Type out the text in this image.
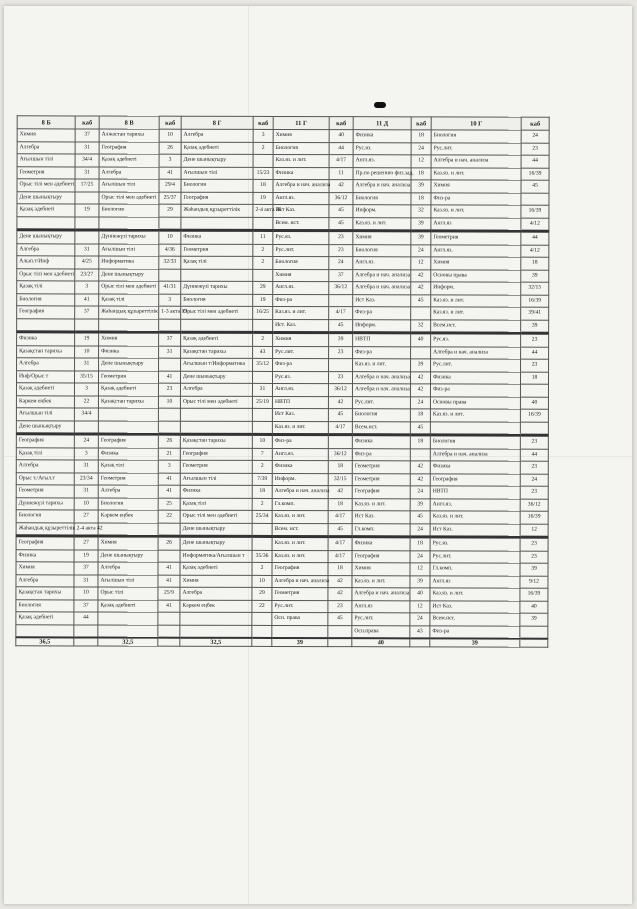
8 Б	каб	8 В	каб	8 Г	каб	11 Г	каб	11 Д	каб	10 Г	каб
Химия	37	Алжастан тарихы	10	Алгебра	3	Химия	40	Физика	18	Биология	24
Алгебра	31	География	26	Қазақ әдебиеті	2	Биология	44	Рус.яз.	24	Рус.лит.	23
Ағылшын тілі	34/4	Қазақ әдебиеті	3	Дене шынықтыру		Каз.яз. и лит.	4/17	Англ.яз.	12	Алгебра и нач. анализа	44
Геометрия	31	Алгебра	41	Ағылшын тілі	15/23	Физика	11	Пр.по решению физ.зад.	18	Каз.яз. и лит.	16/39
Орыс тілі мен әдебиеті	17/25	Ағылшын тілі	29/4	Биология	18	Алгебра и нач. анализа	42	Алгебра и нач. анализа	39	Химия	45
Дене шынықтыру		Орыс тілі мен әдебиеті	25/37	География	19	Англ.яз.	36/12	Биология	18	Физ-ра	
Қазақ әдебиеті	19	Биология	29	Жаһандық құзыреттілік	2-4 акта 36	Ист Каз.	45	Информ.	32	Каз.яз. и лит.	16/39
						Всем. ист.	45	Каз.яз. и лит.	39	Англ.яз	4/12
Дене шынықтыру		Дүниежүзі тарихы	10	Физика	11	Рус.яз.	23	Химия	39	Геометрия	44
Алгебра	31	Ағылшын тілі	4/36	Геометрия	2	Рус.лит.	23	Биология	24	Англ.яз.	4/12
Алып.т/Инф	4/25	Информатика	32/33	Қазақ тілі	2	Биология	24	Англ.яз.	12	Химия	18
Орыс тілі мен әдебиеті	23/27	Дене шынықтыру				Химия	37	Алгебра и нач. анализа	42	Основы права	39
Қазақ тілі	3	Орыс тілі мен әдебиеті	41/31	Дүниежүзі тарихы	29	Англ.яз.	36/12	Алгебра и нач. анализа	42	Информ.	32/15
Биология	41	Қазақ тілі	3	Биология	19	Физ-ра		Ист Каз.	45	Каз.яз. и лит.	16/39
География	37	Жаһандық құзыреттілік	1-3 акта 19	Орыс тілі мен әдебиеті	16/25	Каз.яз. и лит.	4/17	Физ-ра		Каз.яз. и лит.	39/41
						Ист. Каз.	45	Информ.	32	Всем.ист.	39
Физика	19	Химия	37	Қазақ әдебиеті	2	Химия	39	НВТП	40	Рус.яз.	23
Қазақстан тарихы	10	Физика	31	Қазақстан тарихы	43	Рус.лит.	23	Физ-ра		Алгебра и нач. анализа	44
Алгебра	31	Дене шынықтыру		Ағылшын т/Информатика	35/12	Физ-ра		Каз.яз. и лит.	39	Рус.лит.	23
Инф/Орыс т	35/15	Геометрия	41	Дене шынықтыру		Рус.яз.	23	Алгебра и нач. анализа	42	Физика	18
Қазақ әдебиеті	3	Қазақ әдебиеті	23	Алгебра	31	Англ.яз.	36/12	Алгебра и нач. анализа	42	Физ-ра	
Кәркем еңбек	22	Қазақстан тарихы	10	Орыс тілі мен әдебиеті	25/19	НВТП	42	Рус.лит.	24	Основы права	40
Ағылшын тілі	34/4					Ист Каз.	45	Биология	18	Каз.яз. и лит.	16/39
Дене шынықтыру						Каз.яз. и лит.	4/17	Всем.ист.	45		
География	24	География	26	Қазақстан тарихы	10	Физ-ра		Физика	18	Биология	23
Қазақ тілі	3	Физика	21	География	7	Англ.яз.	36/12	Физ-ра		Алгебра и нач. анализа	44
Алгебра	31	Қазақ тілі	3	Геометрия	2	Физика	18	Геометрия	42	Физика	23
Орыс т./Ағыл.т	23/34	Геометрия	41	Ағылшын тілі	7/39	Информ.	32/15	Геометрия	42	География	24
Геометрия	31	Алгебра	41	Физика	18	Алгебра и нач. анализа	42	География	24	НВТП	23
Дүниежүзі тарихы	10	Биология	25	Қазақ тілі	2	Гл.комп.	18	Каз.яз. и лит.	39	Англ.яз.	36/12
Биология	27	Кәркем еңбек	22	Орыс тілі мен әдебиеті	25/34	Каз.яз. и лит.	4/17	Ист Каз.	45	Каз.яз. и лит.	16/39
Жаһандық құзыреттілік	2-4 акта 42			Дене шынықтыру		Всем. ист.	45	Гл.комп.	24	Ист Каз.	12
География	27	Химия	26	Дене шынықтыру		Каз.яз. и лит.	4/17	Физика	18	Рус.яз.	23
Физика	19	Дене шынықтыру		Информатика/Ағылшын т	35/36	Каз.яз. и лит.	4/17	География	24	Рус.лит.	23
Химия	37	Алгебра	41	Қазақ әдебиеті	2	География	18	Химия	12	Гл.комп.	39
Алгебра	31	Ағылшын тілі	41	Химия	10	Алгебра и нач. анализа	42	Каз.яз. и лит.	39	Англ.яз	9/12
Қазақстан тарихы	10	Орыс тілі	25/9	Алгебра	29	Геометрия	42	Алгебра и нач. анализа	40	Каз.яз. и лит.	16/39
Биология	37	Қазақ әдебиеті	41	Кәркем еңбек	22	Рус.лит.	23	Англ.яз	12	Ист Каз.	40
Қазақ әдебиеті	44					Осн. права	45	Рус.лит.	24	Всем.ист.	39
								Осн.права	43	Физ-ра	
36,5		32,5		32,5		39		40		39	
